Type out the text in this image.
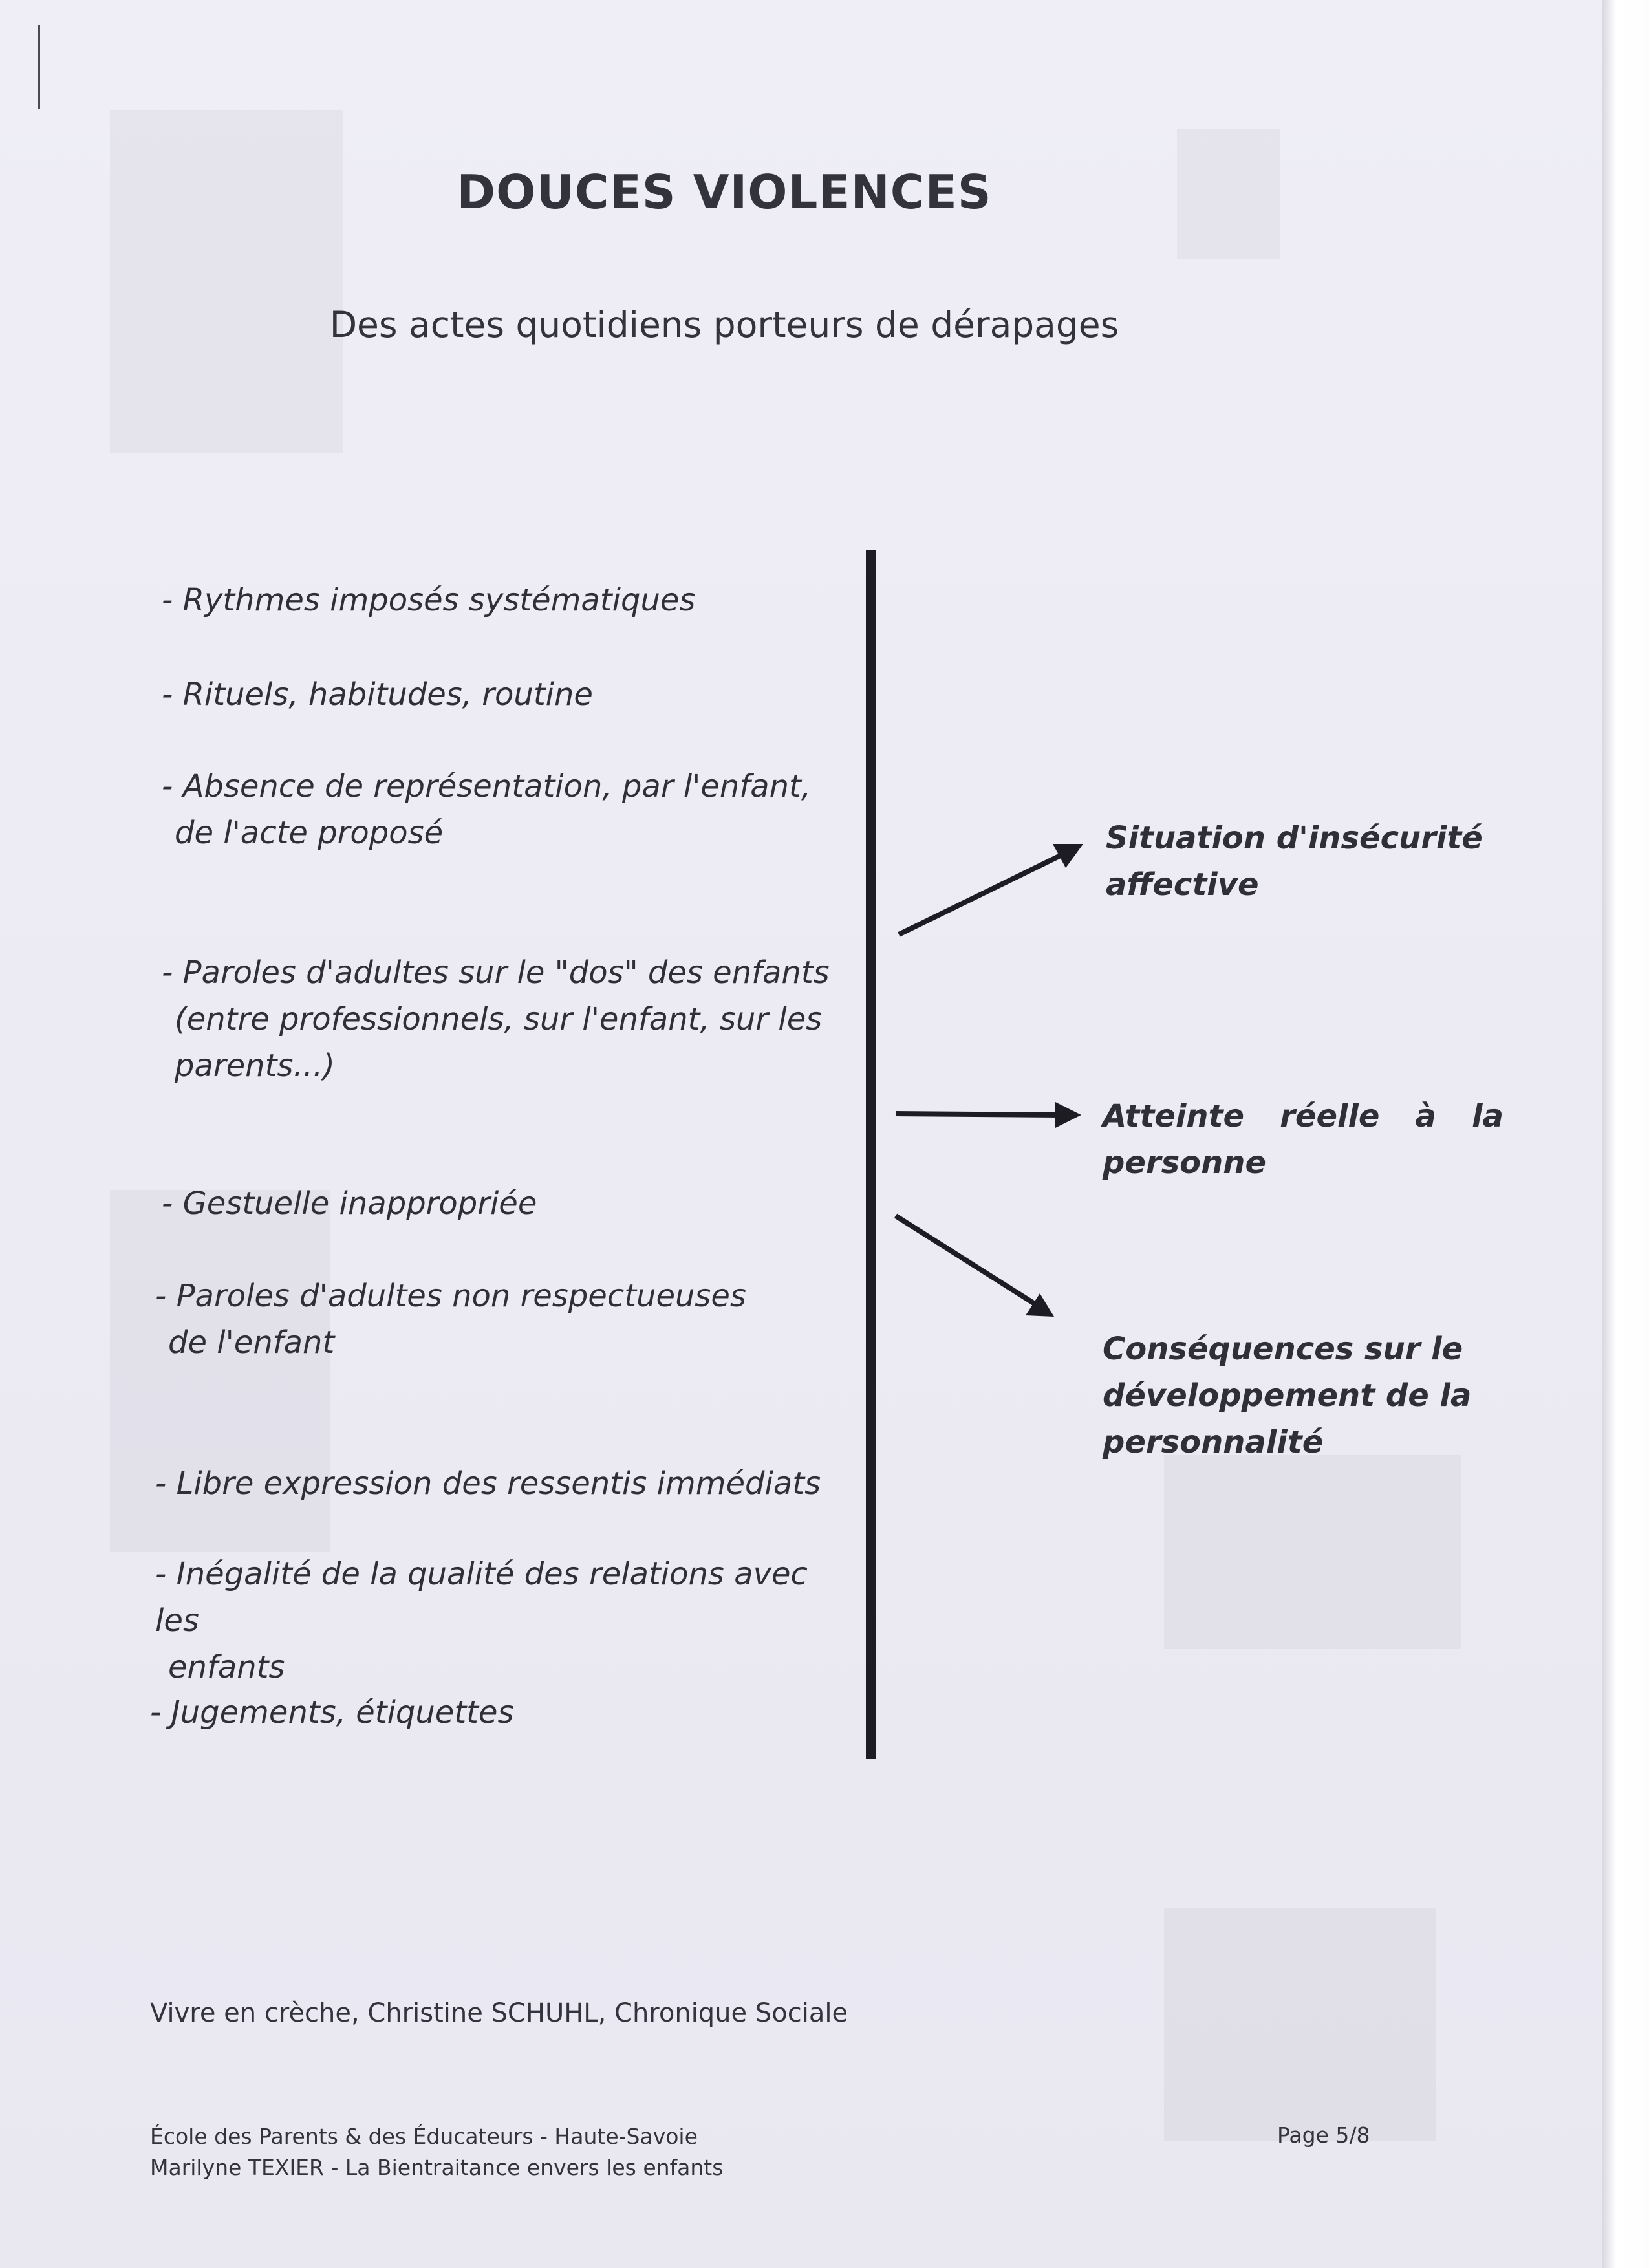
DOUCES VIOLENCES
Des actes quotidiens porteurs de dérapages
- Rythmes imposés systématiques
- Rituels, habitudes, routine
- Absence de représentation, par l'enfant,
de l'acte proposé
- Paroles d'adultes sur le "dos" des enfants
(entre professionnels, sur l'enfant, sur les
parents...)
- Gestuelle inappropriée
- Paroles d'adultes non respectueuses
de l'enfant
- Libre expression des ressentis immédiats
- Inégalité de la qualité des relations avec les
enfants
- Jugements, étiquettes
Situation d'insécurité
affective
Atteinte réelle à la
personne
Conséquences sur le
développement de la
personnalité
Vivre en crèche, Christine SCHUHL, Chronique Sociale
École des Parents & des Éducateurs - Haute-Savoie
Marilyne TEXIER - La Bientraitance envers les enfants
Page 5/8
